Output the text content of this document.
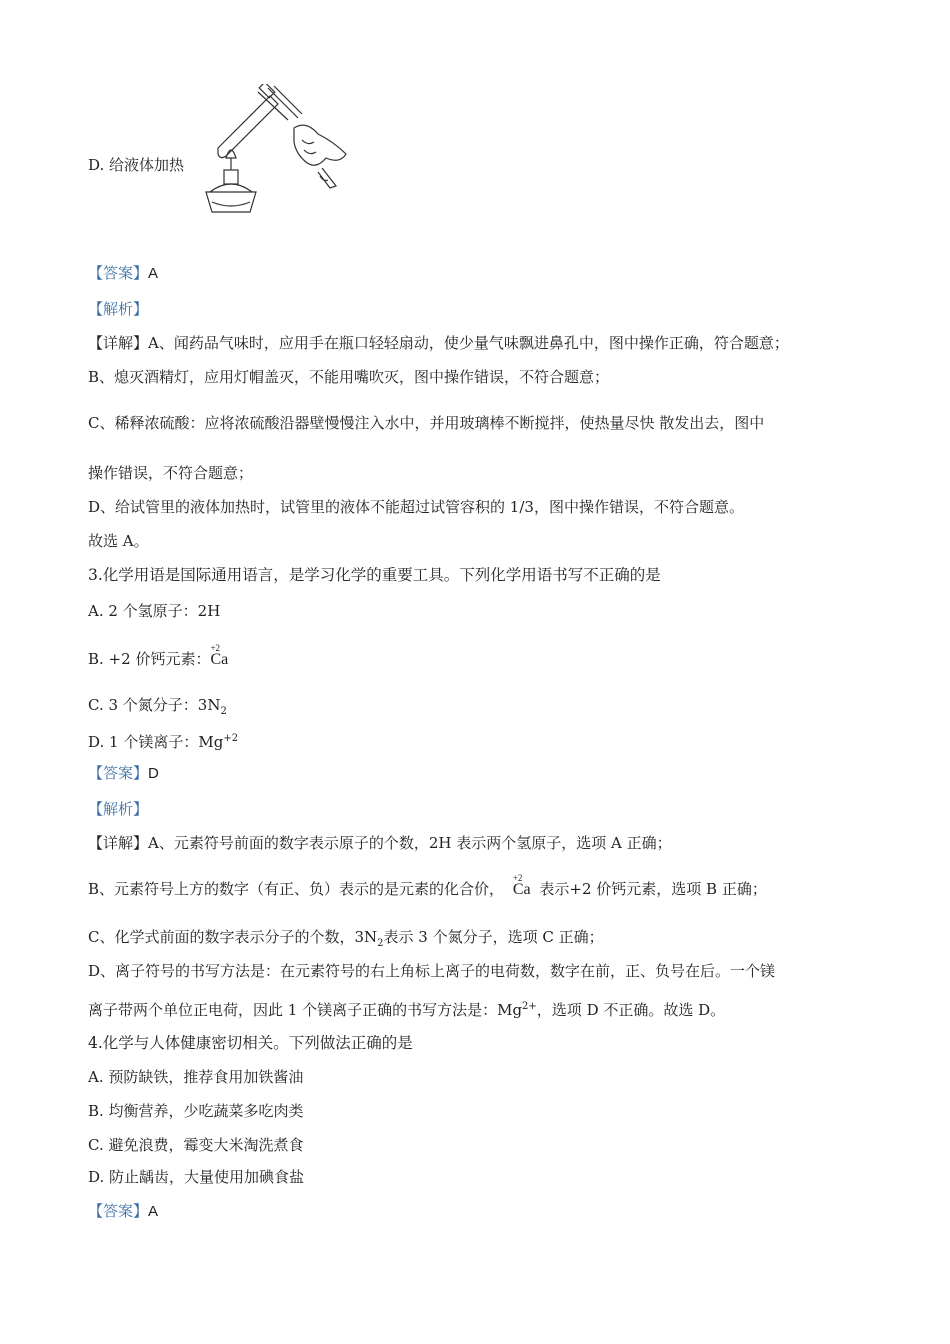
D. 给液体加热
【答案】A
【解析】
【详解】A、闻药品气味时，应用手在瓶口轻轻扇动，使少量气味飘进鼻孔中，图中操作正确，符合题意；
B、熄灭酒精灯，应用灯帽盖灭，不能用嘴吹灭，图中操作错误，不符合题意；
C、稀释浓硫酸：应将浓硫酸沿器壁慢慢注入水中，并用玻璃棒不断搅拌，使热量尽快 散发出去，图中
操作错误，不符合题意；
D、给试管里的液体加热时，试管里的液体不能超过试管容积的 1/3，图中操作错误，不符合题意。
故选 A。
3.化学用语是国际通用语言，是学习化学的重要工具。下列化学用语书写不正确的是
A. 2 个氢原子：2H
B. +2 价钙元素：
+2
Ca
C. 3 个氮分子：$3N_2$
D. 1 个镁离子：$Mg^{+2}$
【答案】D
【解析】
【详解】A、元素符号前面的数字表示原子的个数，2H 表示两个氢原子，选项 A 正确；
B、元素符号上方的数字（有正、负）表示的是元素的化合价，
+2
Ca 表示+2 价钙元素，选项 B 正确；
C、化学式前面的数字表示分子的个数，$3N_2$表示 3 个氮分子，选项 C 正确；
D、离子符号的书写方法是：在元素符号的右上角标上离子的电荷数，数字在前，正、负号在后。一个镁
离子带两个单位正电荷，因此 1 个镁离子正确的书写方法是：$Mg^{2+}$，选项 D 不正确。故选 D。
4.化学与人体健康密切相关。下列做法正确的是
A. 预防缺铁，推荐食用加铁酱油
B. 均衡营养，少吃蔬菜多吃肉类
C. 避免浪费，霉变大米淘洗煮食
D. 防止龋齿，大量使用加碘食盐
【答案】A
